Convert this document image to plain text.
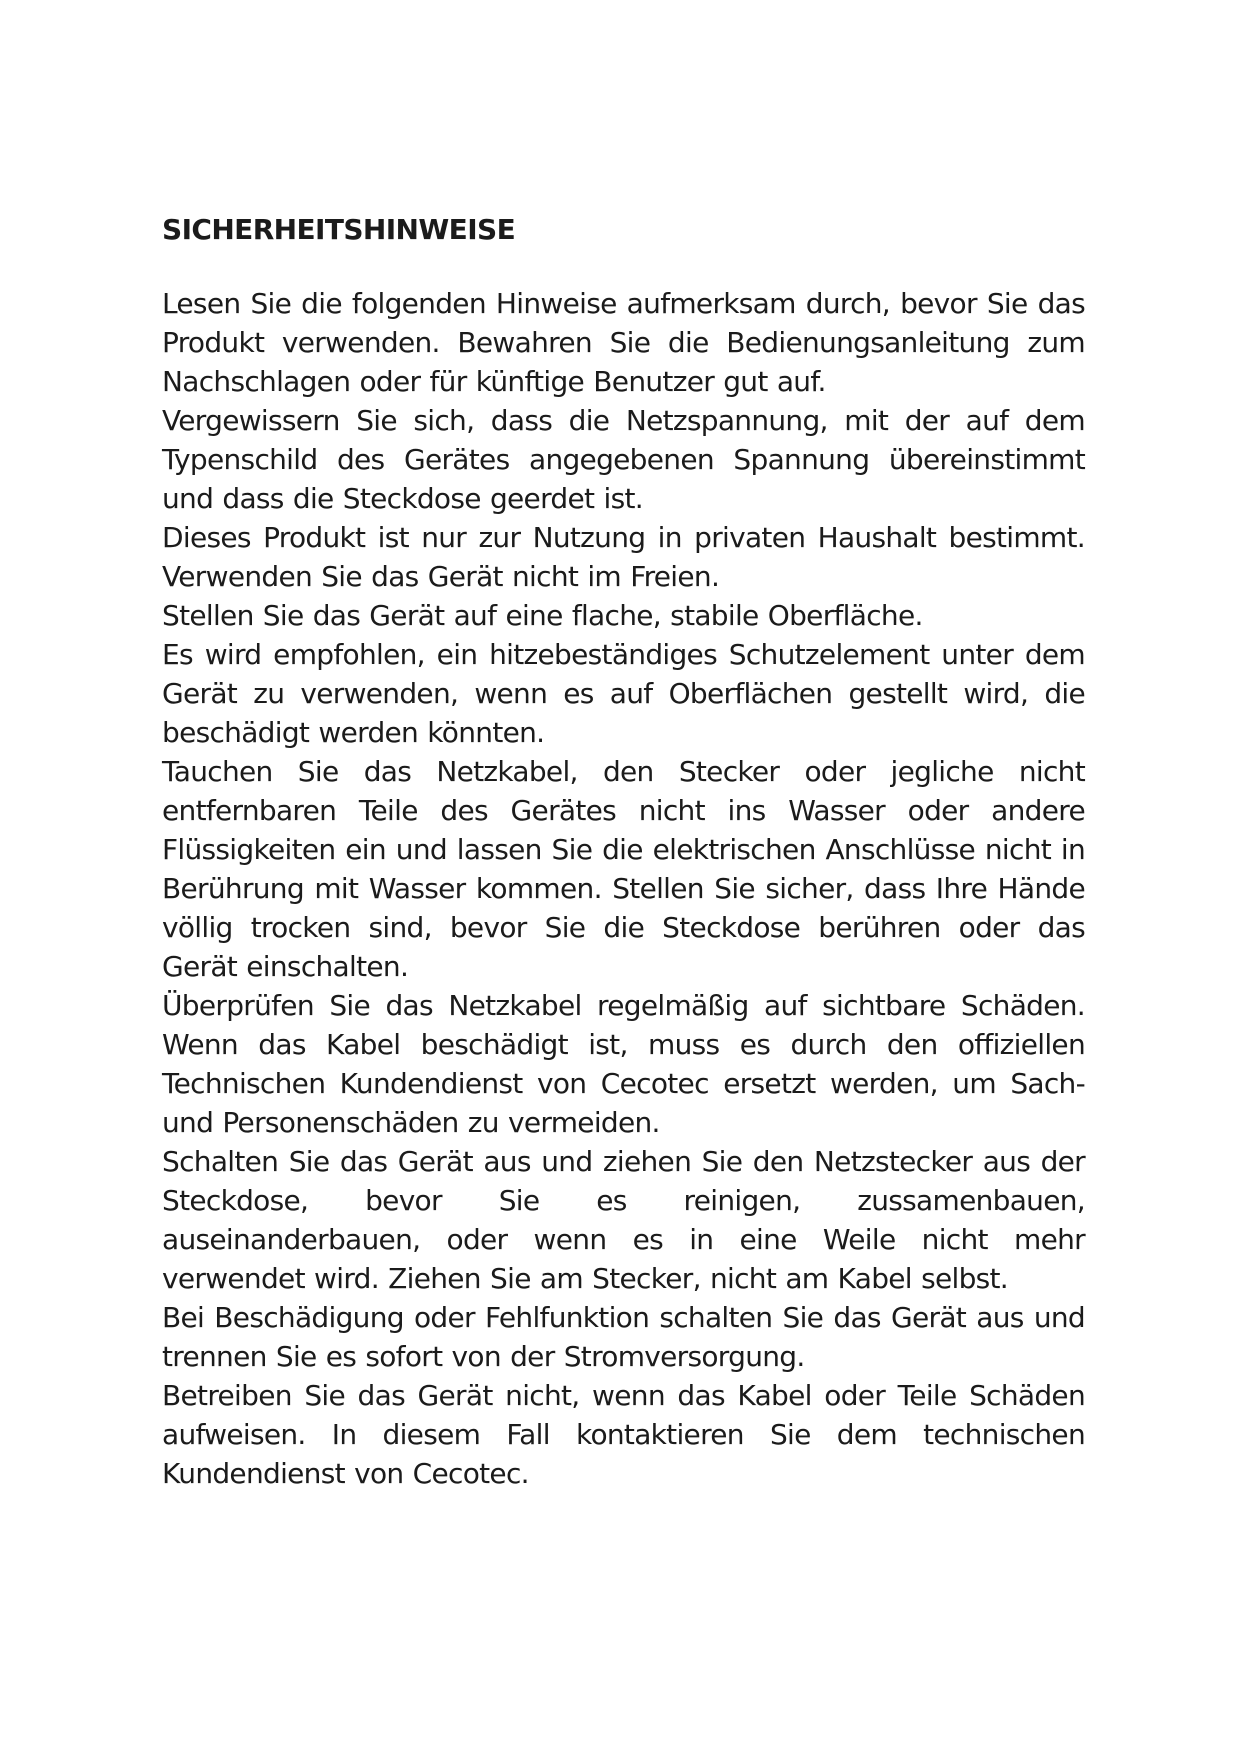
SICHERHEITSHINWEISE

Lesen Sie die folgenden Hinweise aufmerksam durch, bevor Sie das Produkt verwenden. Bewahren Sie die Bedienungsanleitung zum Nachschlagen oder für künftige Benutzer gut auf.

Vergewissern Sie sich, dass die Netzspannung, mit der auf dem Typenschild des Gerätes angegebenen Spannung übereinstimmt und dass die Steckdose geerdet ist.

Dieses Produkt ist nur zur Nutzung in privaten Haushalt bestimmt. Verwenden Sie das Gerät nicht im Freien.

Stellen Sie das Gerät auf eine flache, stabile Oberfläche.

Es wird empfohlen, ein hitzebeständiges Schutzelement unter dem Gerät zu verwenden, wenn es auf Oberflächen gestellt wird, die beschädigt werden könnten.

Tauchen Sie das Netzkabel, den Stecker oder jegliche nicht entfernbaren Teile des Gerätes nicht ins Wasser oder andere Flüssigkeiten ein und lassen Sie die elektrischen Anschlüsse nicht in Berührung mit Wasser kommen. Stellen Sie sicher, dass Ihre Hände völlig trocken sind, bevor Sie die Steckdose berühren oder das Gerät einschalten.

Überprüfen Sie das Netzkabel regelmäßig auf sichtbare Schäden. Wenn das Kabel beschädigt ist, muss es durch den offiziellen Technischen Kundendienst von Cecotec ersetzt werden, um Sach- und Personenschäden zu vermeiden.

Schalten Sie das Gerät aus und ziehen Sie den Netzstecker aus der Steckdose, bevor Sie es reinigen, zussamenbauen, auseinanderbauen, oder wenn es in eine Weile nicht mehr verwendet wird. Ziehen Sie am Stecker, nicht am Kabel selbst.

Bei Beschädigung oder Fehlfunktion schalten Sie das Gerät aus und trennen Sie es sofort von der Stromversorgung.

Betreiben Sie das Gerät nicht, wenn das Kabel oder Teile Schäden aufweisen. In diesem Fall kontaktieren Sie dem technischen Kundendienst von Cecotec.
